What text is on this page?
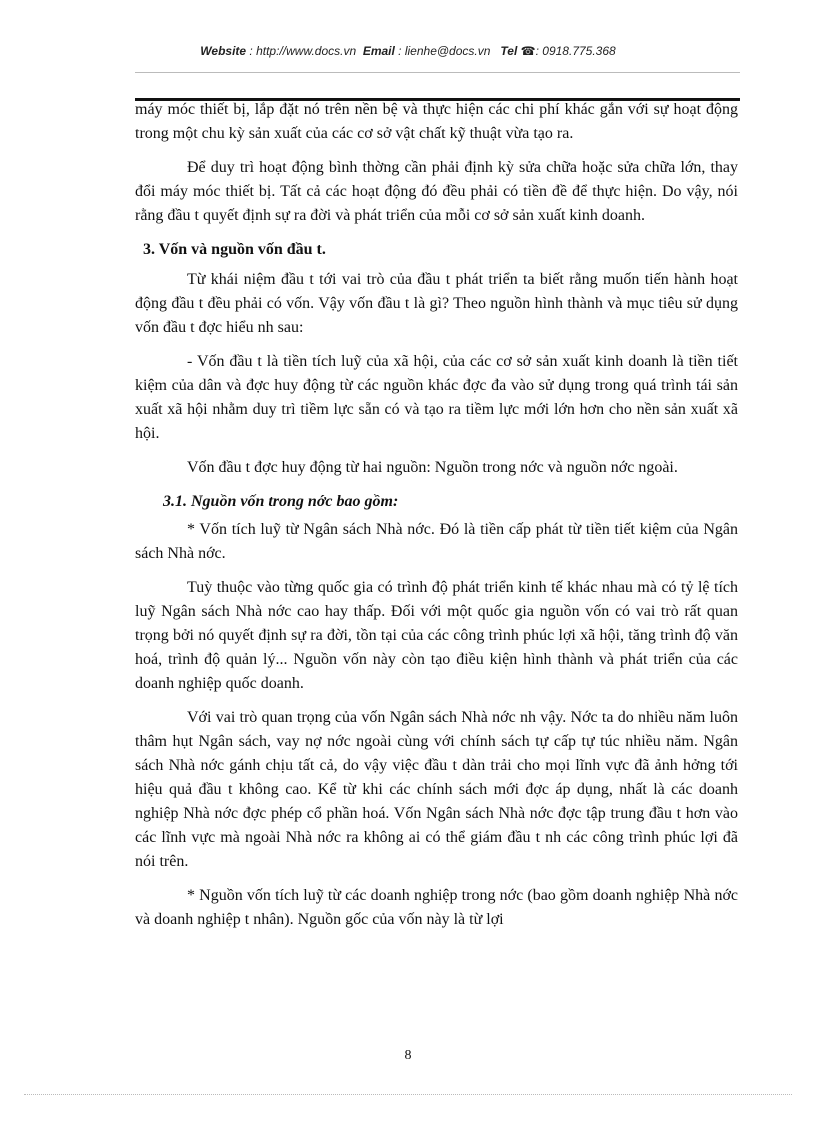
Website : http://www.docs.vn Email : lienhe@docs.vn Tel ☎: 0918.775.368

máy móc thiết bị, lắp đặt nó trên nền bệ và thực hiện các chi phí khác gắn với sự hoạt động trong một chu kỳ sản xuất của các cơ sở vật chất kỹ thuật vừa tạo ra.

Để duy trì hoạt động bình thờng cần phải định kỳ sửa chữa hoặc sửa chữa lớn, thay đổi máy móc thiết bị. Tất cả các hoạt động đó đều phải có tiền đề để thực hiện. Do vậy, nói rằng đầu t quyết định sự ra đời và phát triển của mỗi cơ sở sản xuất kinh doanh.

3. Vốn và nguồn vốn đầu t.

Từ khái niệm đầu t tới vai trò của đầu t phát triển ta biết rằng muốn tiến hành hoạt động đầu t đều phải có vốn. Vậy vốn đầu t là gì? Theo nguồn hình thành và mục tiêu sử dụng vốn đầu t đợc hiểu nh sau:

- Vốn đầu t là tiền tích luỹ của xã hội, của các cơ sở sản xuất kinh doanh là tiền tiết kiệm của dân và đợc huy động từ các nguồn khác đợc đa vào sử dụng trong quá trình tái sản xuất xã hội nhằm duy trì tiềm lực sẵn có và tạo ra tiềm lực mới lớn hơn cho nền sản xuất xã hội.

Vốn đầu t đợc huy động từ hai nguồn: Nguồn trong nớc và nguồn nớc ngoài.

3.1. Nguồn vốn trong nớc bao gồm:

* Vốn tích luỹ từ Ngân sách Nhà nớc. Đó là tiền cấp phát từ tiền tiết kiệm của Ngân sách Nhà nớc.

Tuỳ thuộc vào từng quốc gia có trình độ phát triển kinh tế khác nhau mà có tỷ lệ tích luỹ Ngân sách Nhà nớc cao hay thấp. Đối với một quốc gia nguồn vốn có vai trò rất quan trọng bởi nó quyết định sự ra đời, tồn tại của các công trình phúc lợi xã hội, tăng trình độ văn hoá, trình độ quản lý... Nguồn vốn này còn tạo điều kiện hình thành và phát triển của các doanh nghiệp quốc doanh.

Với vai trò quan trọng của vốn Ngân sách Nhà nớc nh vậy. Nớc ta do nhiều năm luôn thâm hụt Ngân sách, vay nợ nớc ngoài cùng với chính sách tự cấp tự túc nhiều năm. Ngân sách Nhà nớc gánh chịu tất cả, do vậy việc đầu t dàn trải cho mọi lĩnh vực đã ảnh hởng tới hiệu quả đầu t không cao. Kể từ khi các chính sách mới đợc áp dụng, nhất là các doanh nghiệp Nhà nớc đợc phép cổ phần hoá. Vốn Ngân sách Nhà nớc đợc tập trung đầu t hơn vào các lĩnh vực mà ngoài Nhà nớc ra không ai có thể giám đầu t nh các công trình phúc lợi đã nói trên.

* Nguồn vốn tích luỹ từ các doanh nghiệp trong nớc (bao gồm doanh nghiệp Nhà nớc và doanh nghiệp t nhân). Nguồn gốc của vốn này là từ lợi

8
